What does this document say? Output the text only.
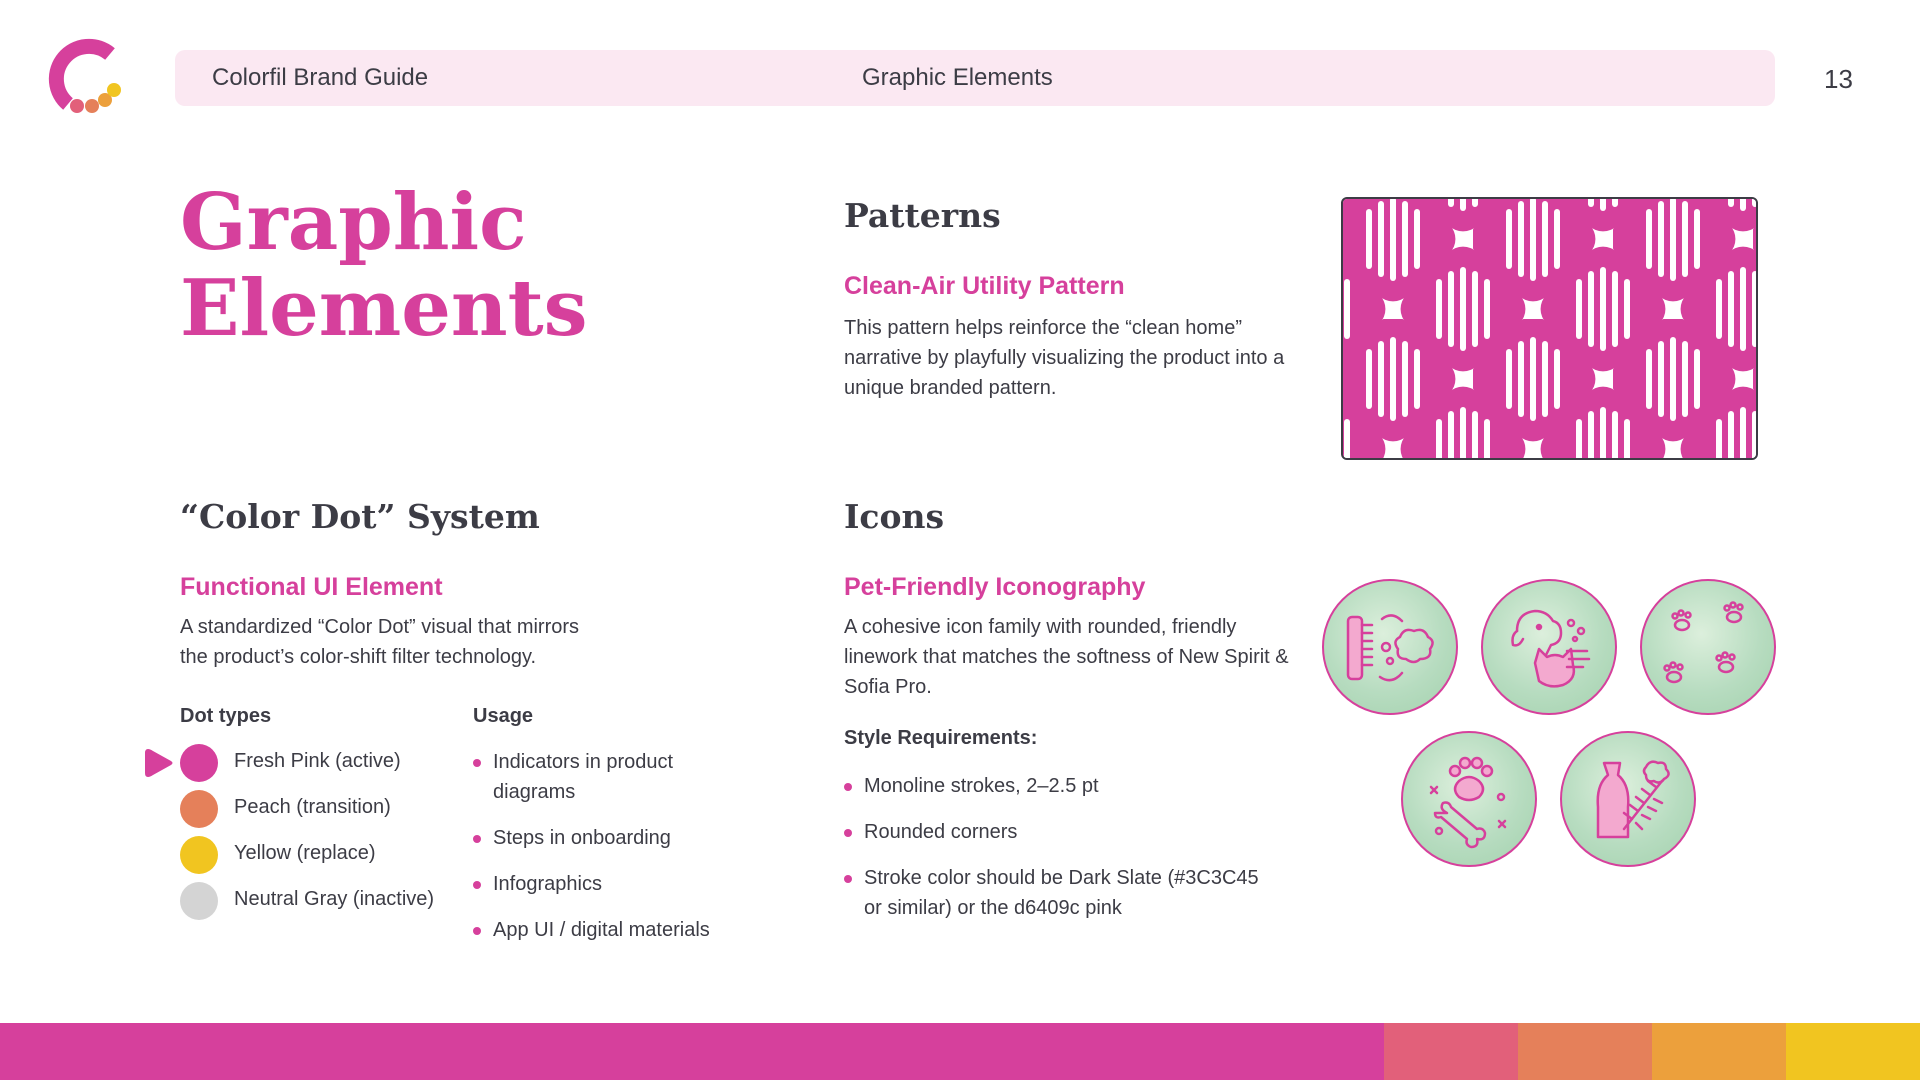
Colorfil Brand Guide	Graphic Elements	13
Graphic
Elements
Patterns
Clean-Air Utility Pattern
This pattern helps reinforce the “clean home” narrative by playfully visualizing the product into a unique branded pattern.
“Color Dot” System
Functional UI Element
A standardized “Color Dot” visual that mirrors
the product’s color-shift filter technology.
Dot types	Usage
Fresh Pink (active)
Peach (transition)
Yellow (replace)
Neutral Gray (inactive)
Indicators in product
diagrams
Steps in onboarding
Infographics
App UI / digital materials
Icons
Pet-Friendly Iconography
A cohesive icon family with rounded, friendly linework that matches the softness of New Spirit & Sofia Pro.
Style Requirements:
Monoline strokes, 2–2.5 pt
Rounded corners
Stroke color should be Dark Slate (#3C3C45
or similar) or the d6409c pink
